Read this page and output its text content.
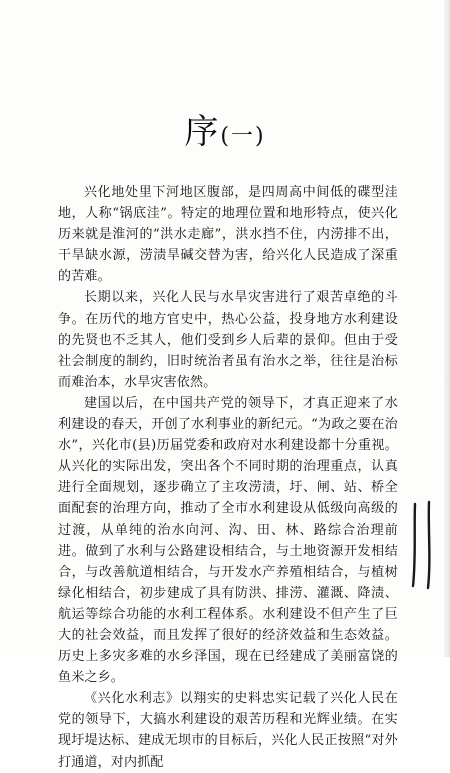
序(一)

兴化地处里下河地区腹部，是四周高中间低的碟型洼地，人称“锅底洼”。特定的地理位置和地形特点，使兴化历来就是淮河的“洪水走廊”，洪水挡不住，内涝排不出，干旱缺水源，涝渍旱碱交替为害，给兴化人民造成了深重的苦难。

长期以来，兴化人民与水旱灾害进行了艰苦卓绝的斗争。在历代的地方官史中，热心公益，投身地方水利建设的先贤也不乏其人，他们受到乡人后辈的景仰。但由于受社会制度的制约，旧时统治者虽有治水之举，往往是治标而难治本，水旱灾害依然。

建国以后，在中国共产党的领导下，才真正迎来了水利建设的春天，开创了水利事业的新纪元。“为政之要在治水”，兴化市(县)历届党委和政府对水利建设都十分重视。从兴化的实际出发，突出各个不同时期的治理重点，认真进行全面规划，逐步确立了主攻涝渍，圩、闸、站、桥全面配套的治理方向，推动了全市水利建设从低级向高级的过渡，从单纯的治水向河、沟、田、林、路综合治理前进。做到了水利与公路建设相结合，与土地资源开发相结合，与改善航道相结合，与开发水产养殖相结合，与植树绿化相结合，初步建成了具有防洪、排涝、灌溉、降渍、航运等综合功能的水利工程体系。水利建设不但产生了巨大的社会效益，而且发挥了很好的经济效益和生态效益。历史上多灾多难的水乡泽国，现在已经建成了美丽富饶的鱼米之乡。

《兴化水利志》以翔实的史料忠实记载了兴化人民在党的领导下，大搞水利建设的艰苦历程和光辉业绩。在实现圩堤达标、建成无坝市的目标后，兴化人民正按照“对外打通道，对内抓配
